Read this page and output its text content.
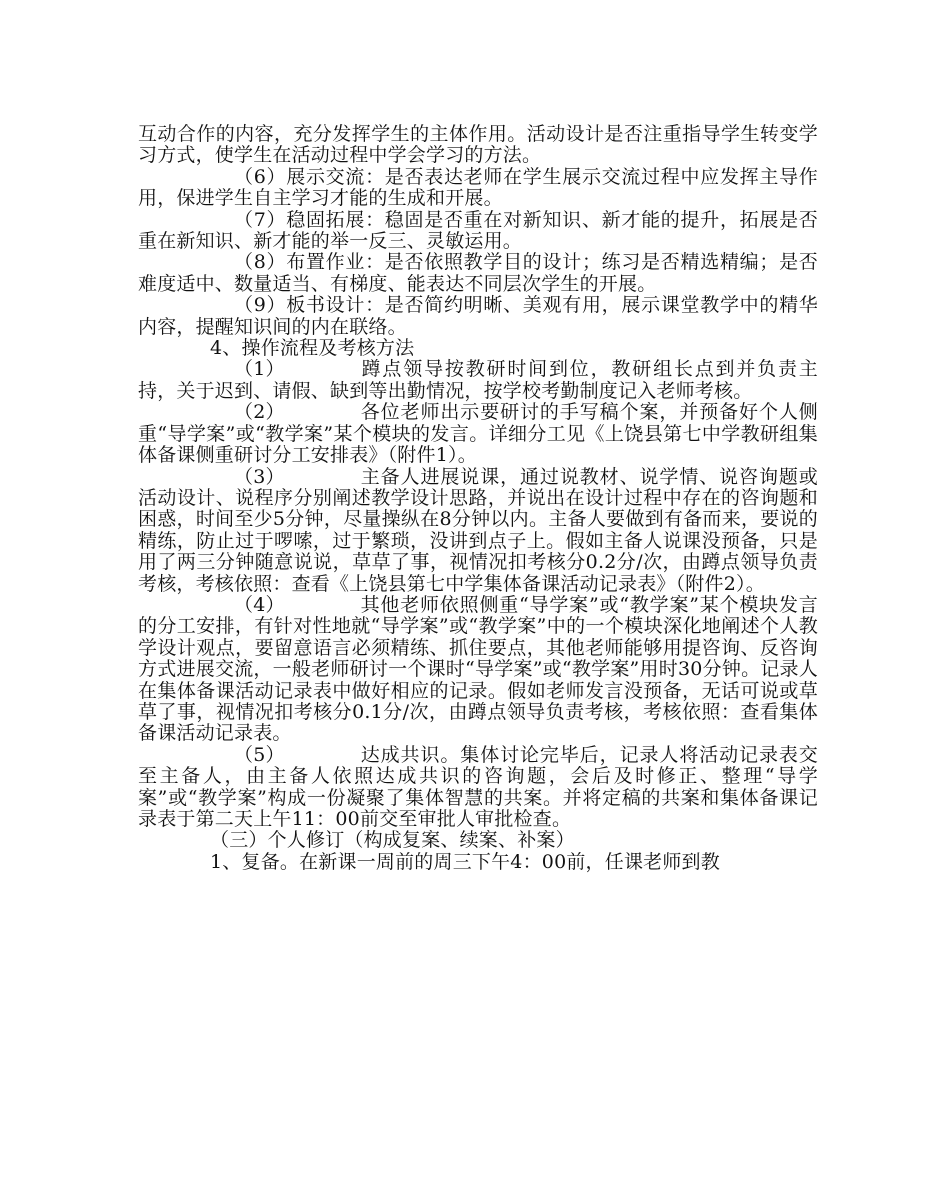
互动合作的内容，充分发挥学生的主体作用。活动设计是否注重指导学生转变学习方式，使学生在活动过程中学会学习的方法。

（6）展示交流：是否表达老师在学生展示交流过程中应发挥主导作用，保进学生自主学习才能的生成和开展。

（7）稳固拓展：稳固是否重在对新知识、新才能的提升，拓展是否重在新知识、新才能的举一反三、灵敏运用。

（8）布置作业：是否依照教学目的设计；练习是否精选精编；是否难度适中、数量适当、有梯度、能表达不同层次学生的开展。

（9）板书设计：是否简约明晰、美观有用，展示课堂教学中的精华内容，提醒知识间的内在联络。

4、操作流程及考核方法

（1）	蹲点领导按教研时间到位，教研组长点到并负责主持，关于迟到、请假、缺到等出勤情况，按学校考勤制度记入老师考核。

（2）	各位老师出示要研讨的手写稿个案，并预备好个人侧重“导学案”或“教学案”某个模块的发言。详细分工见《上饶县第七中学教研组集体备课侧重研讨分工安排表》（附件1）。

（3）	主备人进展说课，通过说教材、说学情、说咨询题或活动设计、说程序分别阐述教学设计思路，并说出在设计过程中存在的咨询题和困惑，时间至少5分钟，尽量操纵在8分钟以内。主备人要做到有备而来，要说的精练，防止过于啰嗦，过于繁琐，没讲到点子上。假如主备人说课没预备，只是用了两三分钟随意说说，草草了事，视情况扣考核分0.2分/次，由蹲点领导负责考核，考核依照：查看《上饶县第七中学集体备课活动记录表》（附件2）。

（4）	其他老师依照侧重“导学案”或“教学案”某个模块发言的分工安排，有针对性地就“导学案”或“教学案”中的一个模块深化地阐述个人教学设计观点，要留意语言必须精练、抓住要点，其他老师能够用提咨询、反咨询方式进展交流，一般老师研讨一个课时“导学案”或“教学案”用时30分钟。记录人在集体备课活动记录表中做好相应的记录。假如老师发言没预备，无话可说或草草了事，视情况扣考核分0.1分/次，由蹲点领导负责考核，考核依照：查看集体备课活动记录表。

（5）	达成共识。集体讨论完毕后，记录人将活动记录表交至主备人，由主备人依照达成共识的咨询题，会后及时修正、整理“导学案”或“教学案”构成一份凝聚了集体智慧的共案。并将定稿的共案和集体备课记录表于第二天上午11：00前交至审批人审批检查。

（三）个人修订（构成复案、续案、补案）

1、复备。在新课一周前的周三下午4：00前，任课老师到教
